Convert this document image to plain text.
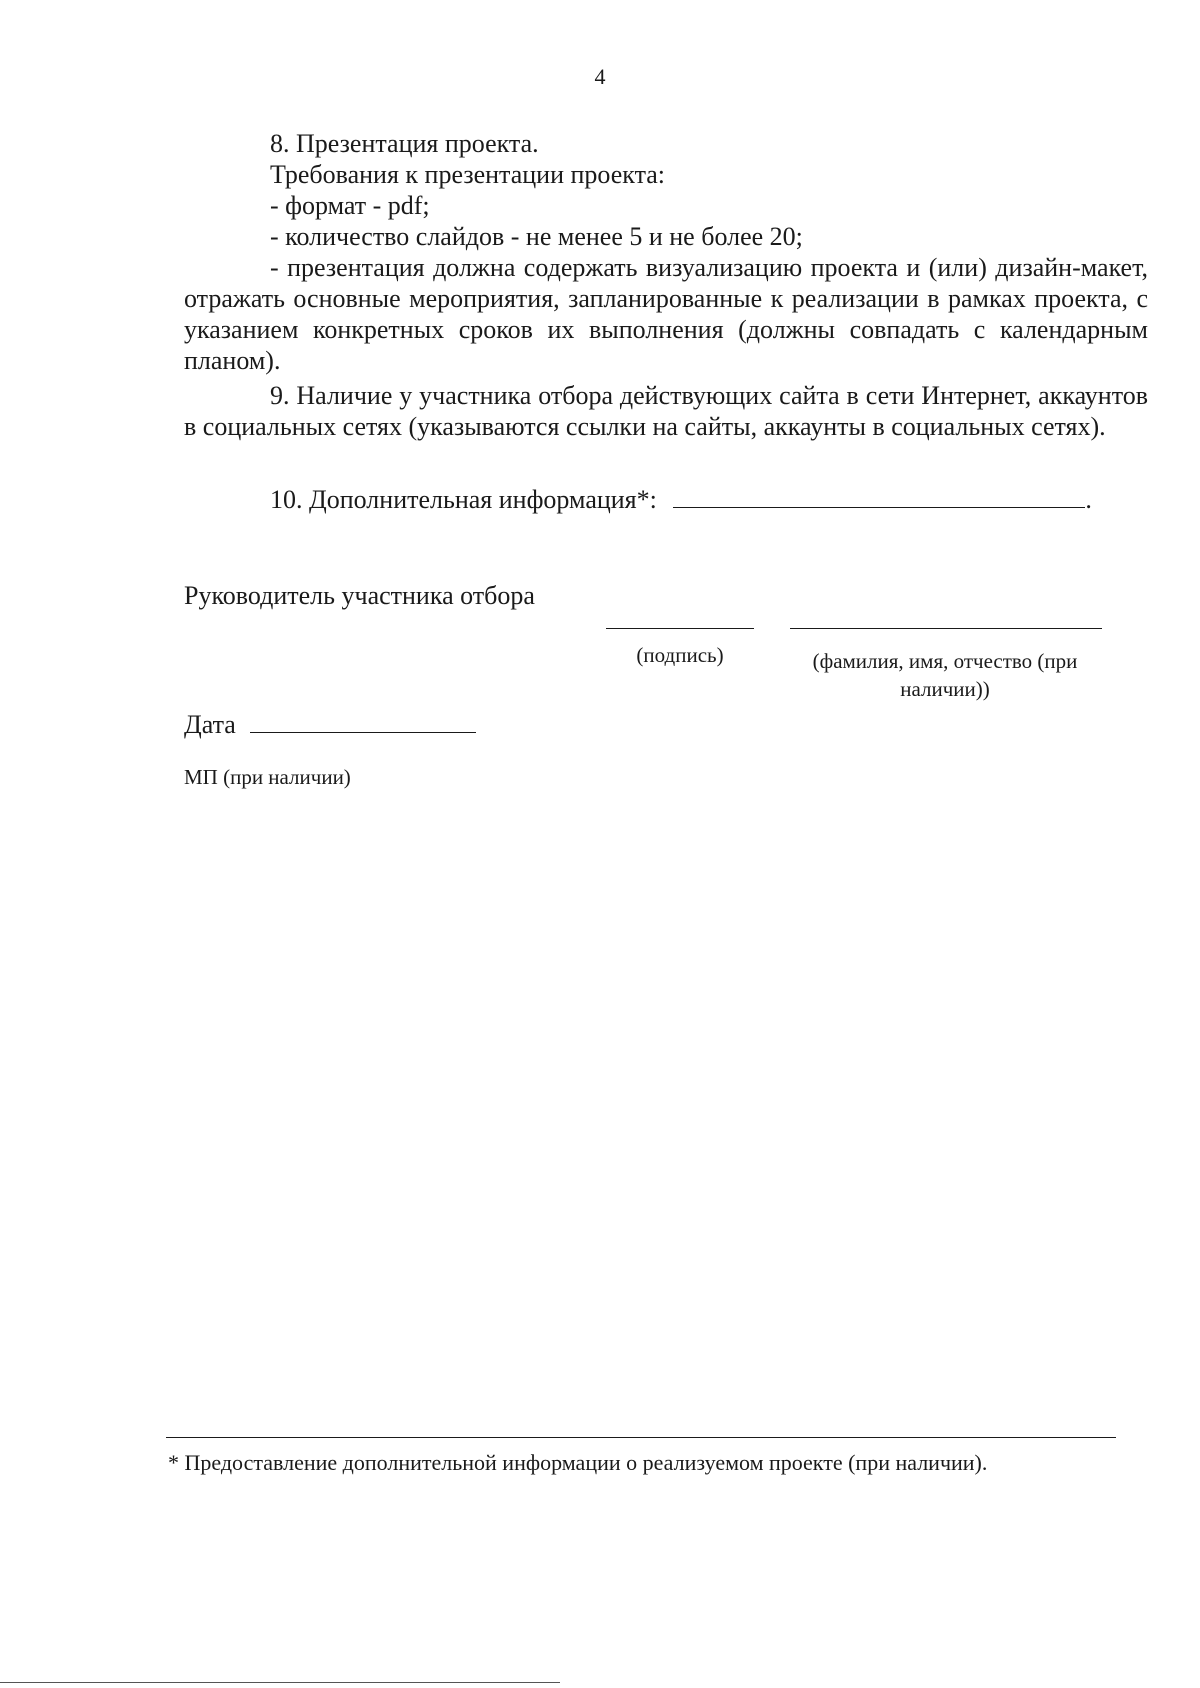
4
8. Презентация проекта.
Требования к презентации проекта:
- формат - pdf;
- количество слайдов - не менее 5 и не более 20;
- презентация должна содержать визуализацию проекта и (или) дизайн-макет, отражать основные мероприятия, запланированные к реализации в рамках проекта, с указанием конкретных сроков их выполнения (должны совпадать с календарным планом).
9. Наличие у участника отбора действующих сайта в сети Интернет, аккаунтов в социальных сетях (указываются ссылки на сайты, аккаунты в социальных сетях).
10. Дополнительная информация*:	.
Руководитель участника отбора
(подпись)	(фамилия, имя, отчество (при наличии))
Дата
МП (при наличии)
* Предоставление дополнительной информации о реализуемом проекте (при наличии).
